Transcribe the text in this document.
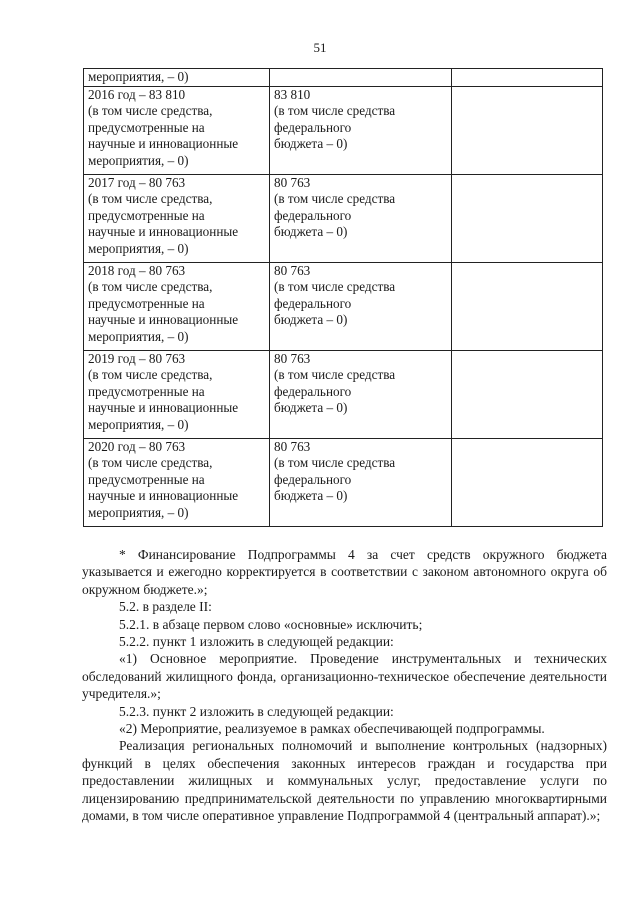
51
мероприятия, – 0)		

2016 год – 83 810
(в том числе средства,
предусмотренные на
научные и инновационные
мероприятия, – 0)	83 810
(в том числе средства
федерального
бюджета – 0)	

2017 год – 80 763
(в том числе средства,
предусмотренные на
научные и инновационные
мероприятия, – 0)	80 763
(в том числе средства
федерального
бюджета – 0)	

2018 год – 80 763
(в том числе средства,
предусмотренные на
научные и инновационные
мероприятия, – 0)	80 763
(в том числе средства
федерального
бюджета – 0)	

2019 год – 80 763
(в том числе средства,
предусмотренные на
научные и инновационные
мероприятия, – 0)	80 763
(в том числе средства
федерального
бюджета – 0)	

2020 год – 80 763
(в том числе средства,
предусмотренные на
научные и инновационные
мероприятия, – 0)	80 763
(в том числе средства
федерального
бюджета – 0)	

* Финансирование Подпрограммы 4 за счет средств окружного бюджета указывается и ежегодно корректируется в соответствии с законом автономного округа об окружном бюджете.»;

5.2. в разделе II:

5.2.1. в абзаце первом слово «основные» исключить;

5.2.2. пункт 1 изложить в следующей редакции:

«1) Основное мероприятие. Проведение инструментальных и технических обследований жилищного фонда, организационно-техническое обеспечение деятельности учредителя.»;

5.2.3. пункт 2 изложить в следующей редакции:

«2) Мероприятие, реализуемое в рамках обеспечивающей подпрограммы.

Реализация региональных полномочий и выполнение контрольных (надзорных) функций в целях обеспечения законных интересов граждан и государства при предоставлении жилищных и коммунальных услуг, предоставление услуги по лицензированию предпринимательской деятельности по управлению многоквартирными домами, в том числе оперативное управление Подпрограммой 4 (центральный аппарат).»;
